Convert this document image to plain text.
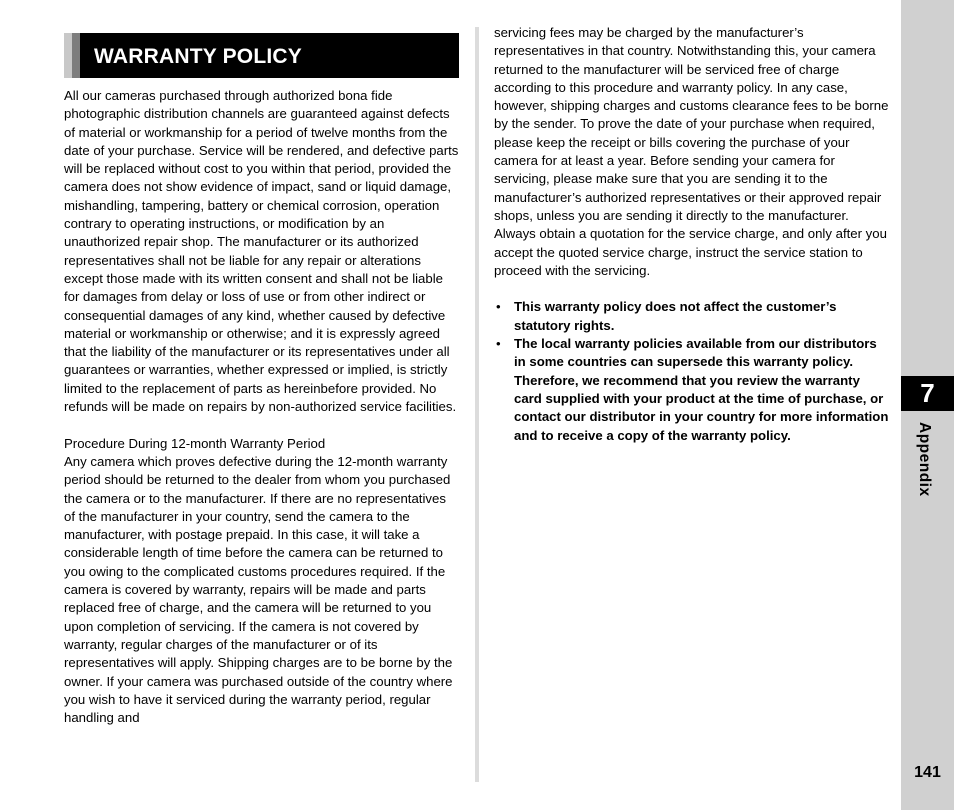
WARRANTY POLICY

All our cameras purchased through authorized bona fide photographic distribution channels are guaranteed against defects of material or workmanship for a period of twelve months from the date of your purchase. Service will be rendered, and defective parts will be replaced without cost to you within that period, provided the camera does not show evidence of impact, sand or liquid damage, mishandling, tampering, battery or chemical corrosion, operation contrary to operating instructions, or modification by an unauthorized repair shop. The manufacturer or its authorized representatives shall not be liable for any repair or alterations except those made with its written consent and shall not be liable for damages from delay or loss of use or from other indirect or consequential damages of any kind, whether caused by defective material or workmanship or otherwise; and it is expressly agreed that the liability of the manufacturer or its representatives under all guarantees or warranties, whether expressed or implied, is strictly limited to the replacement of parts as hereinbefore provided. No refunds will be made on repairs by non-authorized service facilities.

Procedure During 12-month Warranty Period

Any camera which proves defective during the 12-month warranty period should be returned to the dealer from whom you purchased the camera or to the manufacturer. If there are no representatives of the manufacturer in your country, send the camera to the manufacturer, with postage prepaid. In this case, it will take a considerable length of time before the camera can be returned to you owing to the complicated customs procedures required. If the camera is covered by warranty, repairs will be made and parts replaced free of charge, and the camera will be returned to you upon completion of servicing. If the camera is not covered by warranty, regular charges of the manufacturer or of its representatives will apply. Shipping charges are to be borne by the owner. If your camera was purchased outside of the country where you wish to have it serviced during the warranty period, regular handling and

servicing fees may be charged by the manufacturer’s representatives in that country. Notwithstanding this, your camera returned to the manufacturer will be serviced free of charge according to this procedure and warranty policy. In any case, however, shipping charges and customs clearance fees to be borne by the sender. To prove the date of your purchase when required, please keep the receipt or bills covering the purchase of your camera for at least a year. Before sending your camera for servicing, please make sure that you are sending it to the manufacturer’s authorized representatives or their approved repair shops, unless you are sending it directly to the manufacturer. Always obtain a quotation for the service charge, and only after you accept the quoted service charge, instruct the service station to proceed with the servicing.

• This warranty policy does not affect the customer’s statutory rights.
• The local warranty policies available from our distributors in some countries can supersede this warranty policy. Therefore, we recommend that you review the warranty card supplied with your product at the time of purchase, or contact our distributor in your country for more information and to receive a copy of the warranty policy.
7
Appendix
141
